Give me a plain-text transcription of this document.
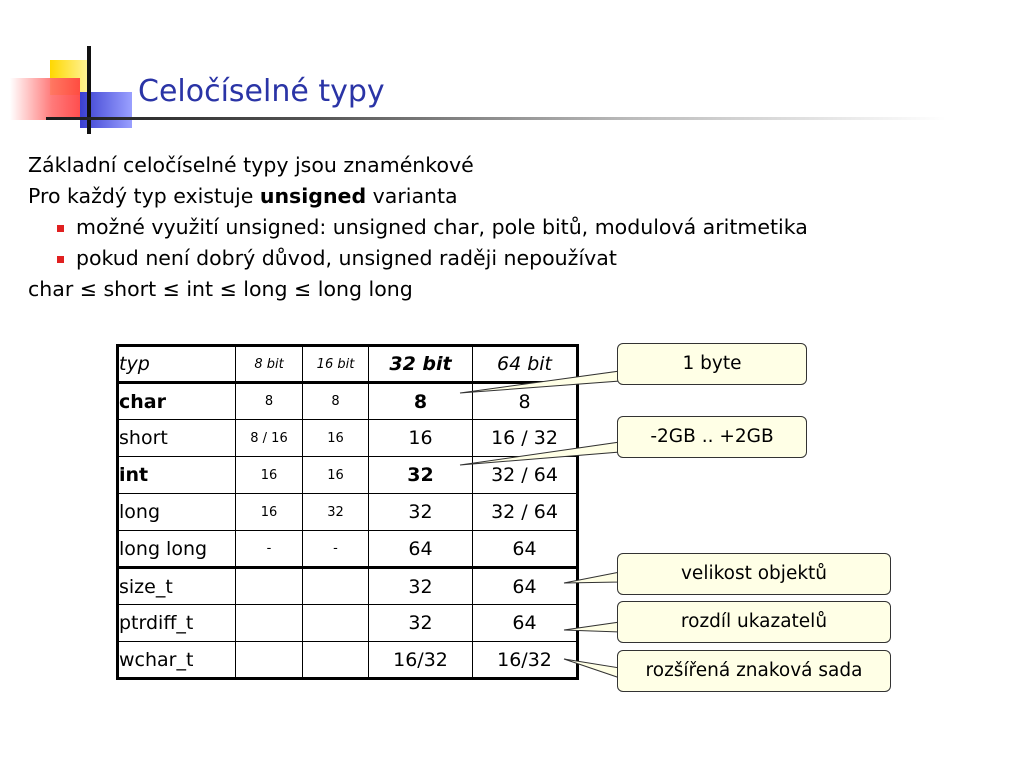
Celočíselné typy
Základní celočíselné typy jsou znaménkové
Pro každý typ existuje unsigned varianta
možné využití unsigned: unsigned char, pole bitů, modulová aritmetika
pokud není dobrý důvod, unsigned raději nepoužívat
char ≤ short ≤ int ≤ long ≤ long long
typ	8 bit	16 bit	32 bit	64 bit
char	8	8	8	8
short	8 / 16	16	16	16 / 32
int	16	16	32	32 / 64
long	16	32	32	32 / 64
long long	-	-	64	64
size_t			32	64
ptrdiff_t			32	64
wchar_t			16/32	16/32
1 byte
-2GB .. +2GB
velikost objektů
rozdíl ukazatelů
rozšířená znaková sada
